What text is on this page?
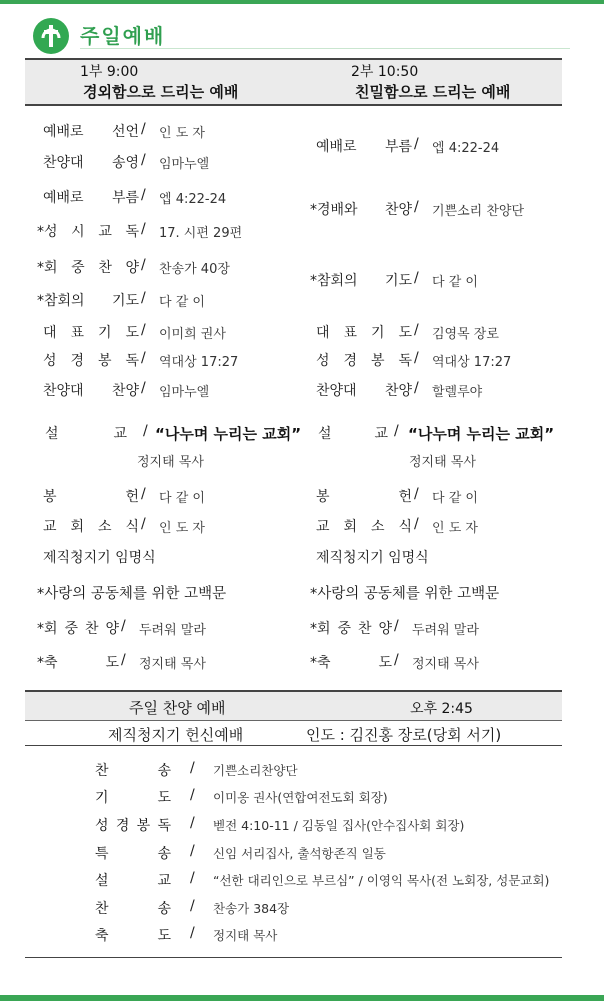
주일예배
1부 9:00
경외함으로 드리는 예배
2부 10:50
친밀함으로 드리는 예배
예배로 선언 / 인 도 자
찬양대 송영 / 임마누엘
예배로 부름 / 엡 4:22-24
*성 시 교 독 / 17. 시편 29편
*회 중 찬 양 / 찬송가 40장
*참회의 기도 / 다 같 이
대 표 기 도 / 이미희 권사
성 경 봉 독 / 역대상 17:27
찬양대 찬양 / 임마누엘
예배로 부름 / 엡 4:22-24
*경배와 찬양 / 기쁜소리 찬양단
*참회의 기도 / 다 같 이
대 표 기 도 / 김영목 장로
성 경 봉 독 / 역대상 17:27
찬양대 찬양 / 할렐루야
설 교 / “나누며 누리는 교회”
정지태 목사
설 교 / “나누며 누리는 교회”
정지태 목사
봉 헌 / 다 같 이
교 회 소 식 / 인 도 자
봉 헌 / 다 같 이
교 회 소 식 / 인 도 자
제직청지기 임명식	제직청지기 임명식
*사랑의 공동체를 위한 고백문	*사랑의 공동체를 위한 고백문
*회 중 찬 양 / 두려워 말라	*회 중 찬 양 / 두려워 말라
*축 도 / 정지태 목사	*축 도 / 정지태 목사
주일 찬양 예배	오후 2:45
제직청지기 헌신예배	인도 : 김진홍 장로(당회 서기)
찬 송 / 기쁜소리찬양단
기 도 / 이미옹 권사(연합여전도회 회장)
성 경 봉 독 / 벧전 4:10-11 / 김동일 집사(안수집사회 회장)
특 송 / 신임 서리집사, 출석항존직 일동
설 교 / “선한 대리인으로 부르심” / 이영익 목사(전 노회장, 성문교회)
찬 송 / 찬송가 384장
축 도 / 정지태 목사
